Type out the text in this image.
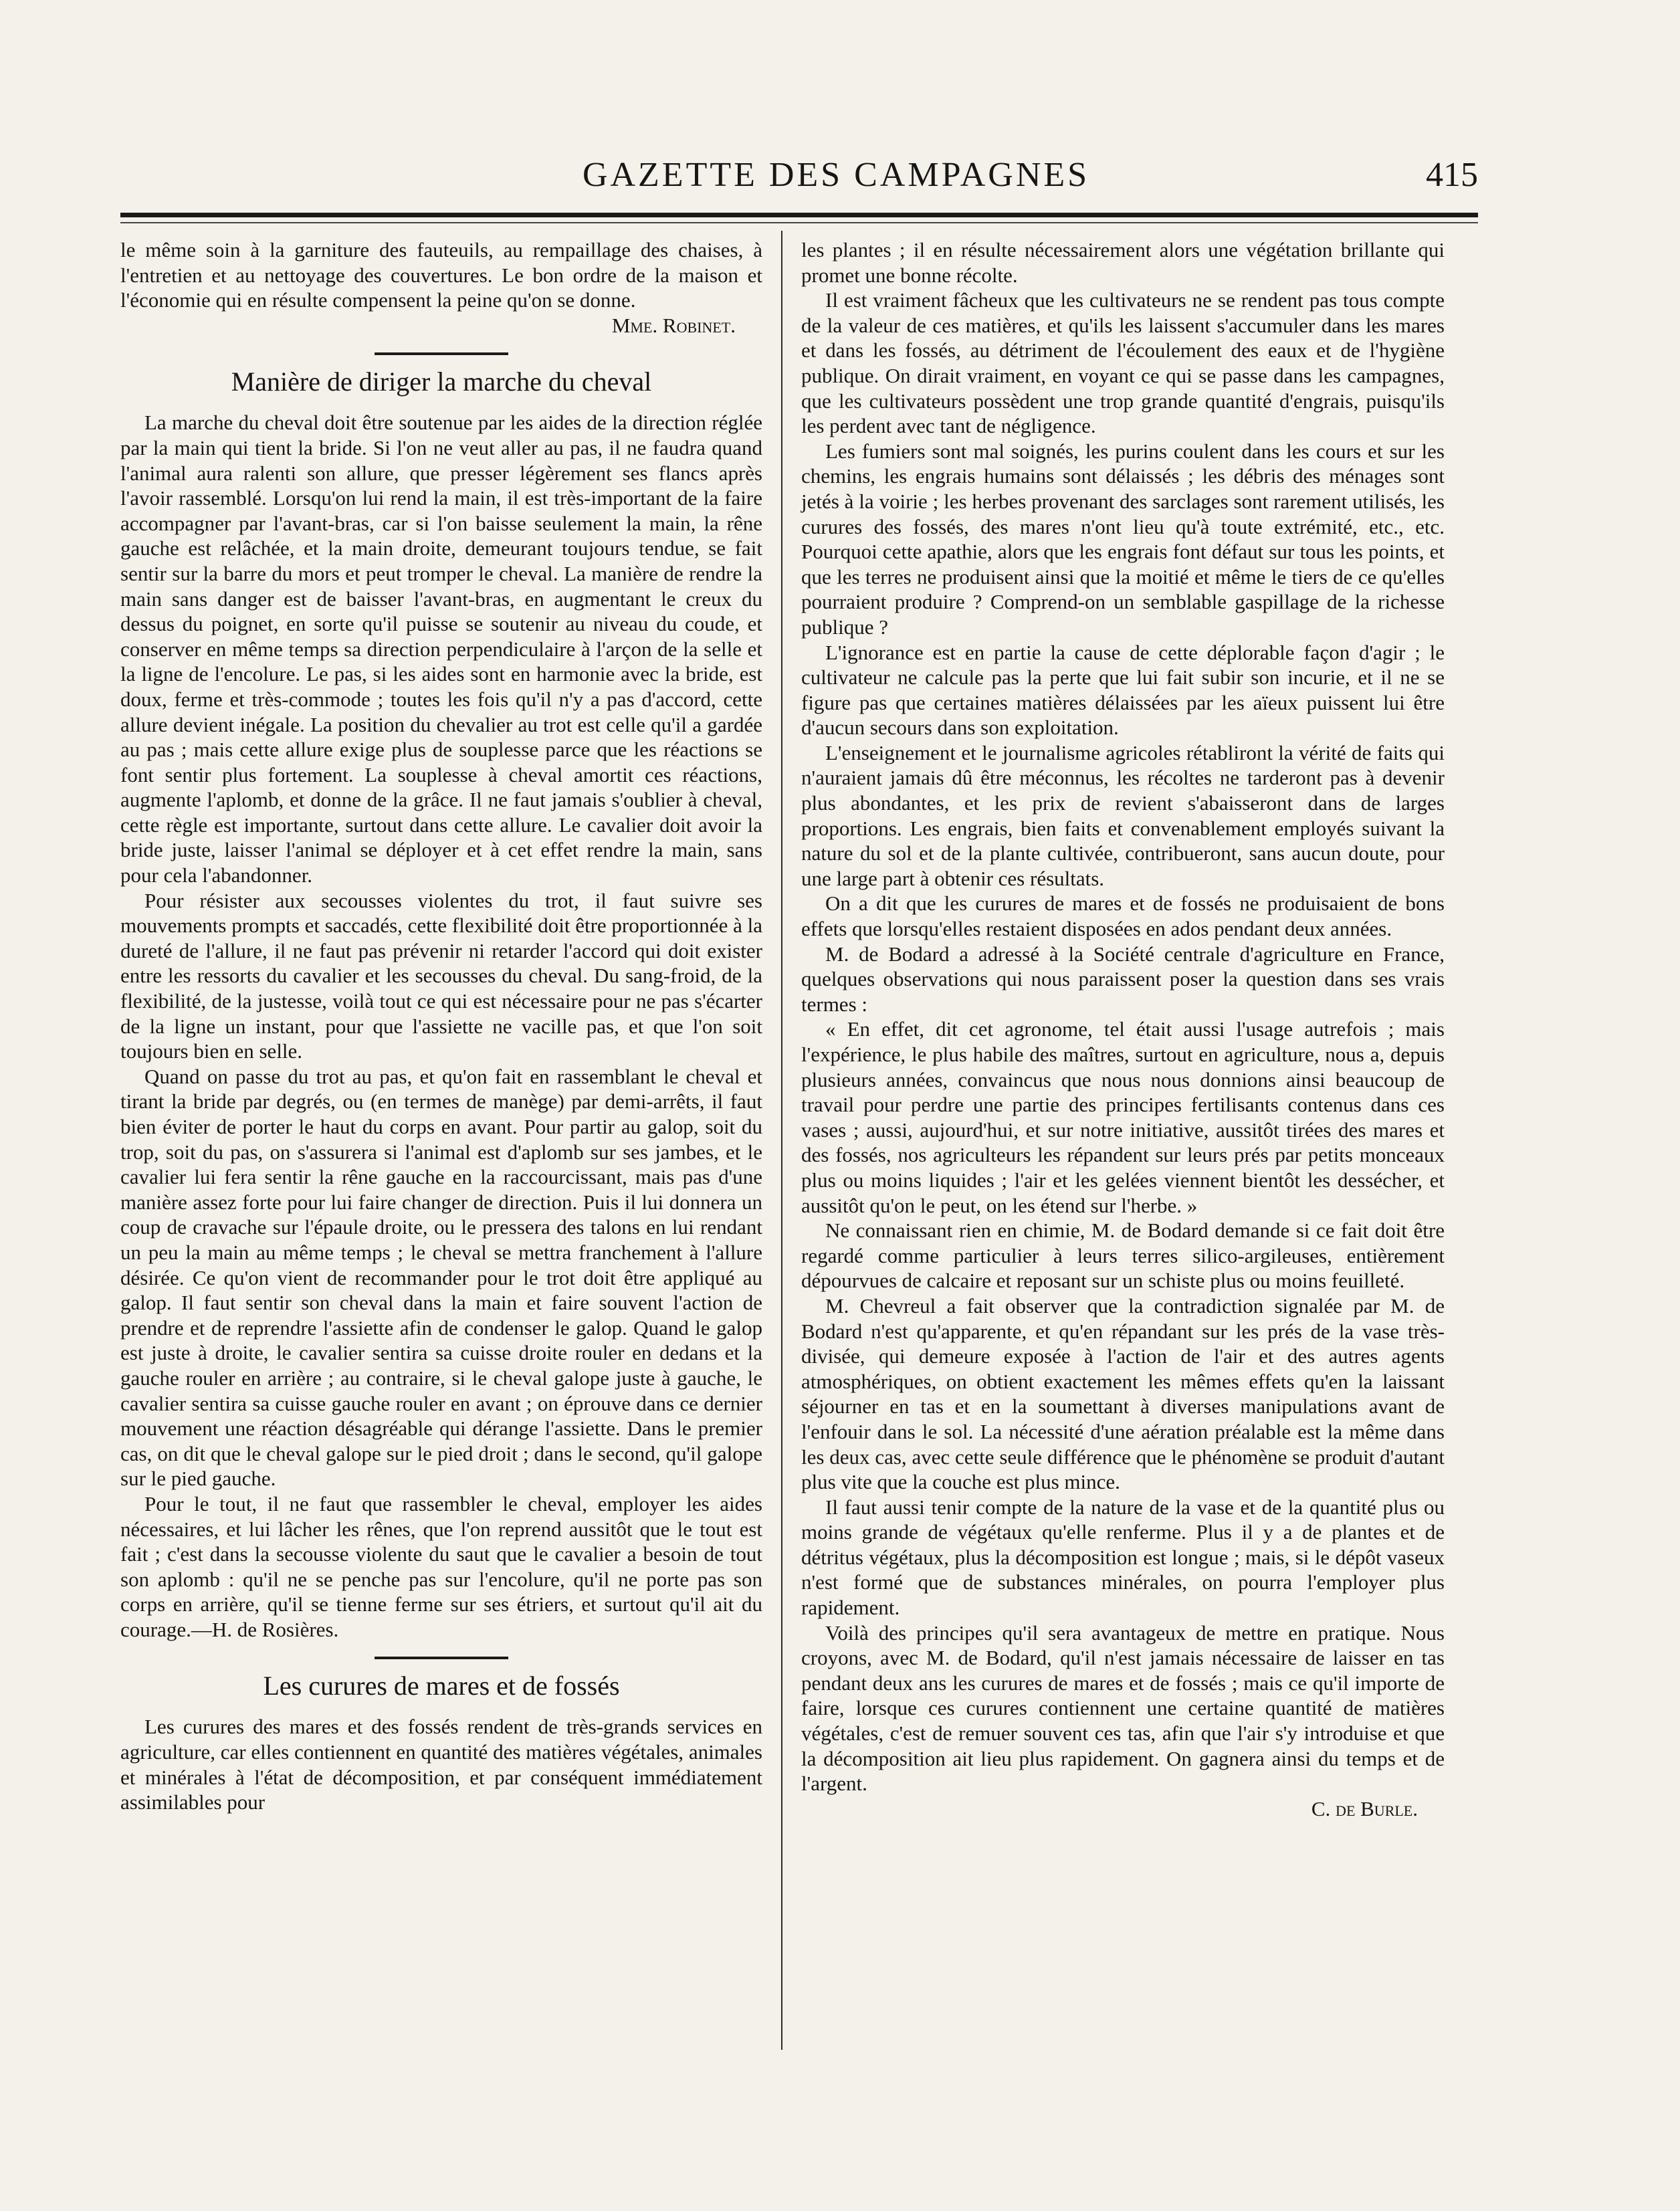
GAZETTE DES CAMPAGNES	415

le même soin à la garniture des fauteuils, au rempaillage des chaises, à l'entretien et au nettoyage des couvertures. Le bon ordre de la maison et l'économie qui en résulte compensent la peine qu'on se donne.

Mme. Robinet.

Manière de diriger la marche du cheval

La marche du cheval doit être soutenue par les aides de la direction réglée par la main qui tient la bride. Si l'on ne veut aller au pas, il ne faudra quand l'animal aura ralenti son allure, que presser légèrement ses flancs après l'avoir rassemblé. Lorsqu'on lui rend la main, il est très-important de la faire accompagner par l'avant-bras, car si l'on baisse seulement la main, la rêne gauche est relâchée, et la main droite, demeurant toujours tendue, se fait sentir sur la barre du mors et peut tromper le cheval. La manière de rendre la main sans danger est de baisser l'avant-bras, en augmentant le creux du dessus du poignet, en sorte qu'il puisse se soutenir au niveau du coude, et conserver en même temps sa direction perpendiculaire à l'arçon de la selle et la ligne de l'encolure. Le pas, si les aides sont en harmonie avec la bride, est doux, ferme et très-commode ; toutes les fois qu'il n'y a pas d'accord, cette allure devient inégale. La position du chevalier au trot est celle qu'il a gardée au pas ; mais cette allure exige plus de souplesse parce que les réactions se font sentir plus fortement. La souplesse à cheval amortit ces réactions, augmente l'aplomb, et donne de la grâce. Il ne faut jamais s'oublier à cheval, cette règle est importante, surtout dans cette allure. Le cavalier doit avoir la bride juste, laisser l'animal se déployer et à cet effet rendre la main, sans pour cela l'abandonner.

Pour résister aux secousses violentes du trot, il faut suivre ses mouvements prompts et saccadés, cette flexibilité doit être proportionnée à la dureté de l'allure, il ne faut pas prévenir ni retarder l'accord qui doit exister entre les ressorts du cavalier et les secousses du cheval. Du sang-froid, de la flexibilité, de la justesse, voilà tout ce qui est nécessaire pour ne pas s'écarter de la ligne un instant, pour que l'assiette ne vacille pas, et que l'on soit toujours bien en selle.

Quand on passe du trot au pas, et qu'on fait en rassemblant le cheval et tirant la bride par degrés, ou (en termes de manège) par demi-arrêts, il faut bien éviter de porter le haut du corps en avant. Pour partir au galop, soit du trop, soit du pas, on s'assurera si l'animal est d'aplomb sur ses jambes, et le cavalier lui fera sentir la rêne gauche en la raccourcissant, mais pas d'une manière assez forte pour lui faire changer de direction. Puis il lui donnera un coup de cravache sur l'épaule droite, ou le pressera des talons en lui rendant un peu la main au même temps ; le cheval se mettra franchement à l'allure désirée. Ce qu'on vient de recommander pour le trot doit être appliqué au galop. Il faut sentir son cheval dans la main et faire souvent l'action de prendre et de reprendre l'assiette afin de condenser le galop. Quand le galop est juste à droite, le cavalier sentira sa cuisse droite rouler en dedans et la gauche rouler en arrière ; au contraire, si le cheval galope juste à gauche, le cavalier sentira sa cuisse gauche rouler en avant ; on éprouve dans ce dernier mouvement une réaction désagréable qui dérange l'assiette. Dans le premier cas, on dit que le cheval galope sur le pied droit ; dans le second, qu'il galope sur le pied gauche.

Pour le tout, il ne faut que rassembler le cheval, employer les aides nécessaires, et lui lâcher les rênes, que l'on reprend aussitôt que le tout est fait ; c'est dans la secousse violente du saut que le cavalier a besoin de tout son aplomb : qu'il ne se penche pas sur l'encolure, qu'il ne porte pas son corps en arrière, qu'il se tienne ferme sur ses étriers, et surtout qu'il ait du courage.—H. de Rosières.

Les curures de mares et de fossés

Les curures des mares et des fossés rendent de très-grands services en agriculture, car elles contiennent en quantité des matières végétales, animales et minérales à l'état de décomposition, et par conséquent immédiatement assimilables pour

les plantes ; il en résulte nécessairement alors une végétation brillante qui promet une bonne récolte.

Il est vraiment fâcheux que les cultivateurs ne se rendent pas tous compte de la valeur de ces matières, et qu'ils les laissent s'accumuler dans les mares et dans les fossés, au détriment de l'écoulement des eaux et de l'hygiène publique. On dirait vraiment, en voyant ce qui se passe dans les campagnes, que les cultivateurs possèdent une trop grande quantité d'engrais, puisqu'ils les perdent avec tant de négligence.

Les fumiers sont mal soignés, les purins coulent dans les cours et sur les chemins, les engrais humains sont délaissés ; les débris des ménages sont jetés à la voirie ; les herbes provenant des sarclages sont rarement utilisés, les curures des fossés, des mares n'ont lieu qu'à toute extrémité, etc., etc. Pourquoi cette apathie, alors que les engrais font défaut sur tous les points, et que les terres ne produisent ainsi que la moitié et même le tiers de ce qu'elles pourraient produire ? Comprend-on un semblable gaspillage de la richesse publique ?

L'ignorance est en partie la cause de cette déplorable façon d'agir ; le cultivateur ne calcule pas la perte que lui fait subir son incurie, et il ne se figure pas que certaines matières délaissées par les aïeux puissent lui être d'aucun secours dans son exploitation.

L'enseignement et le journalisme agricoles rétabliront la vérité de faits qui n'auraient jamais dû être méconnus, les récoltes ne tarderont pas à devenir plus abondantes, et les prix de revient s'abaisseront dans de larges proportions. Les engrais, bien faits et convenablement employés suivant la nature du sol et de la plante cultivée, contribueront, sans aucun doute, pour une large part à obtenir ces résultats.

On a dit que les curures de mares et de fossés ne produisaient de bons effets que lorsqu'elles restaient disposées en ados pendant deux années.

M. de Bodard a adressé à la Société centrale d'agriculture en France, quelques observations qui nous paraissent poser la question dans ses vrais termes :

« En effet, dit cet agronome, tel était aussi l'usage autrefois ; mais l'expérience, le plus habile des maîtres, surtout en agriculture, nous a, depuis plusieurs années, convaincus que nous nous donnions ainsi beaucoup de travail pour perdre une partie des principes fertilisants contenus dans ces vases ; aussi, aujourd'hui, et sur notre initiative, aussitôt tirées des mares et des fossés, nos agriculteurs les répandent sur leurs prés par petits monceaux plus ou moins liquides ; l'air et les gelées viennent bientôt les dessécher, et aussitôt qu'on le peut, on les étend sur l'herbe. »

Ne connaissant rien en chimie, M. de Bodard demande si ce fait doit être regardé comme particulier à leurs terres silico-argileuses, entièrement dépourvues de calcaire et reposant sur un schiste plus ou moins feuilleté.

M. Chevreul a fait observer que la contradiction signalée par M. de Bodard n'est qu'apparente, et qu'en répandant sur les prés de la vase très-divisée, qui demeure exposée à l'action de l'air et des autres agents atmosphériques, on obtient exactement les mêmes effets qu'en la laissant séjourner en tas et en la soumettant à diverses manipulations avant de l'enfouir dans le sol. La nécessité d'une aération préalable est la même dans les deux cas, avec cette seule différence que le phénomène se produit d'autant plus vite que la couche est plus mince.

Il faut aussi tenir compte de la nature de la vase et de la quantité plus ou moins grande de végétaux qu'elle renferme. Plus il y a de plantes et de détritus végétaux, plus la décomposition est longue ; mais, si le dépôt vaseux n'est formé que de substances minérales, on pourra l'employer plus rapidement.

Voilà des principes qu'il sera avantageux de mettre en pratique. Nous croyons, avec M. de Bodard, qu'il n'est jamais nécessaire de laisser en tas pendant deux ans les curures de mares et de fossés ; mais ce qu'il importe de faire, lorsque ces curures contiennent une certaine quantité de matières végétales, c'est de remuer souvent ces tas, afin que l'air s'y introduise et que la décomposition ait lieu plus rapidement. On gagnera ainsi du temps et de l'argent.

C. de Burle.
